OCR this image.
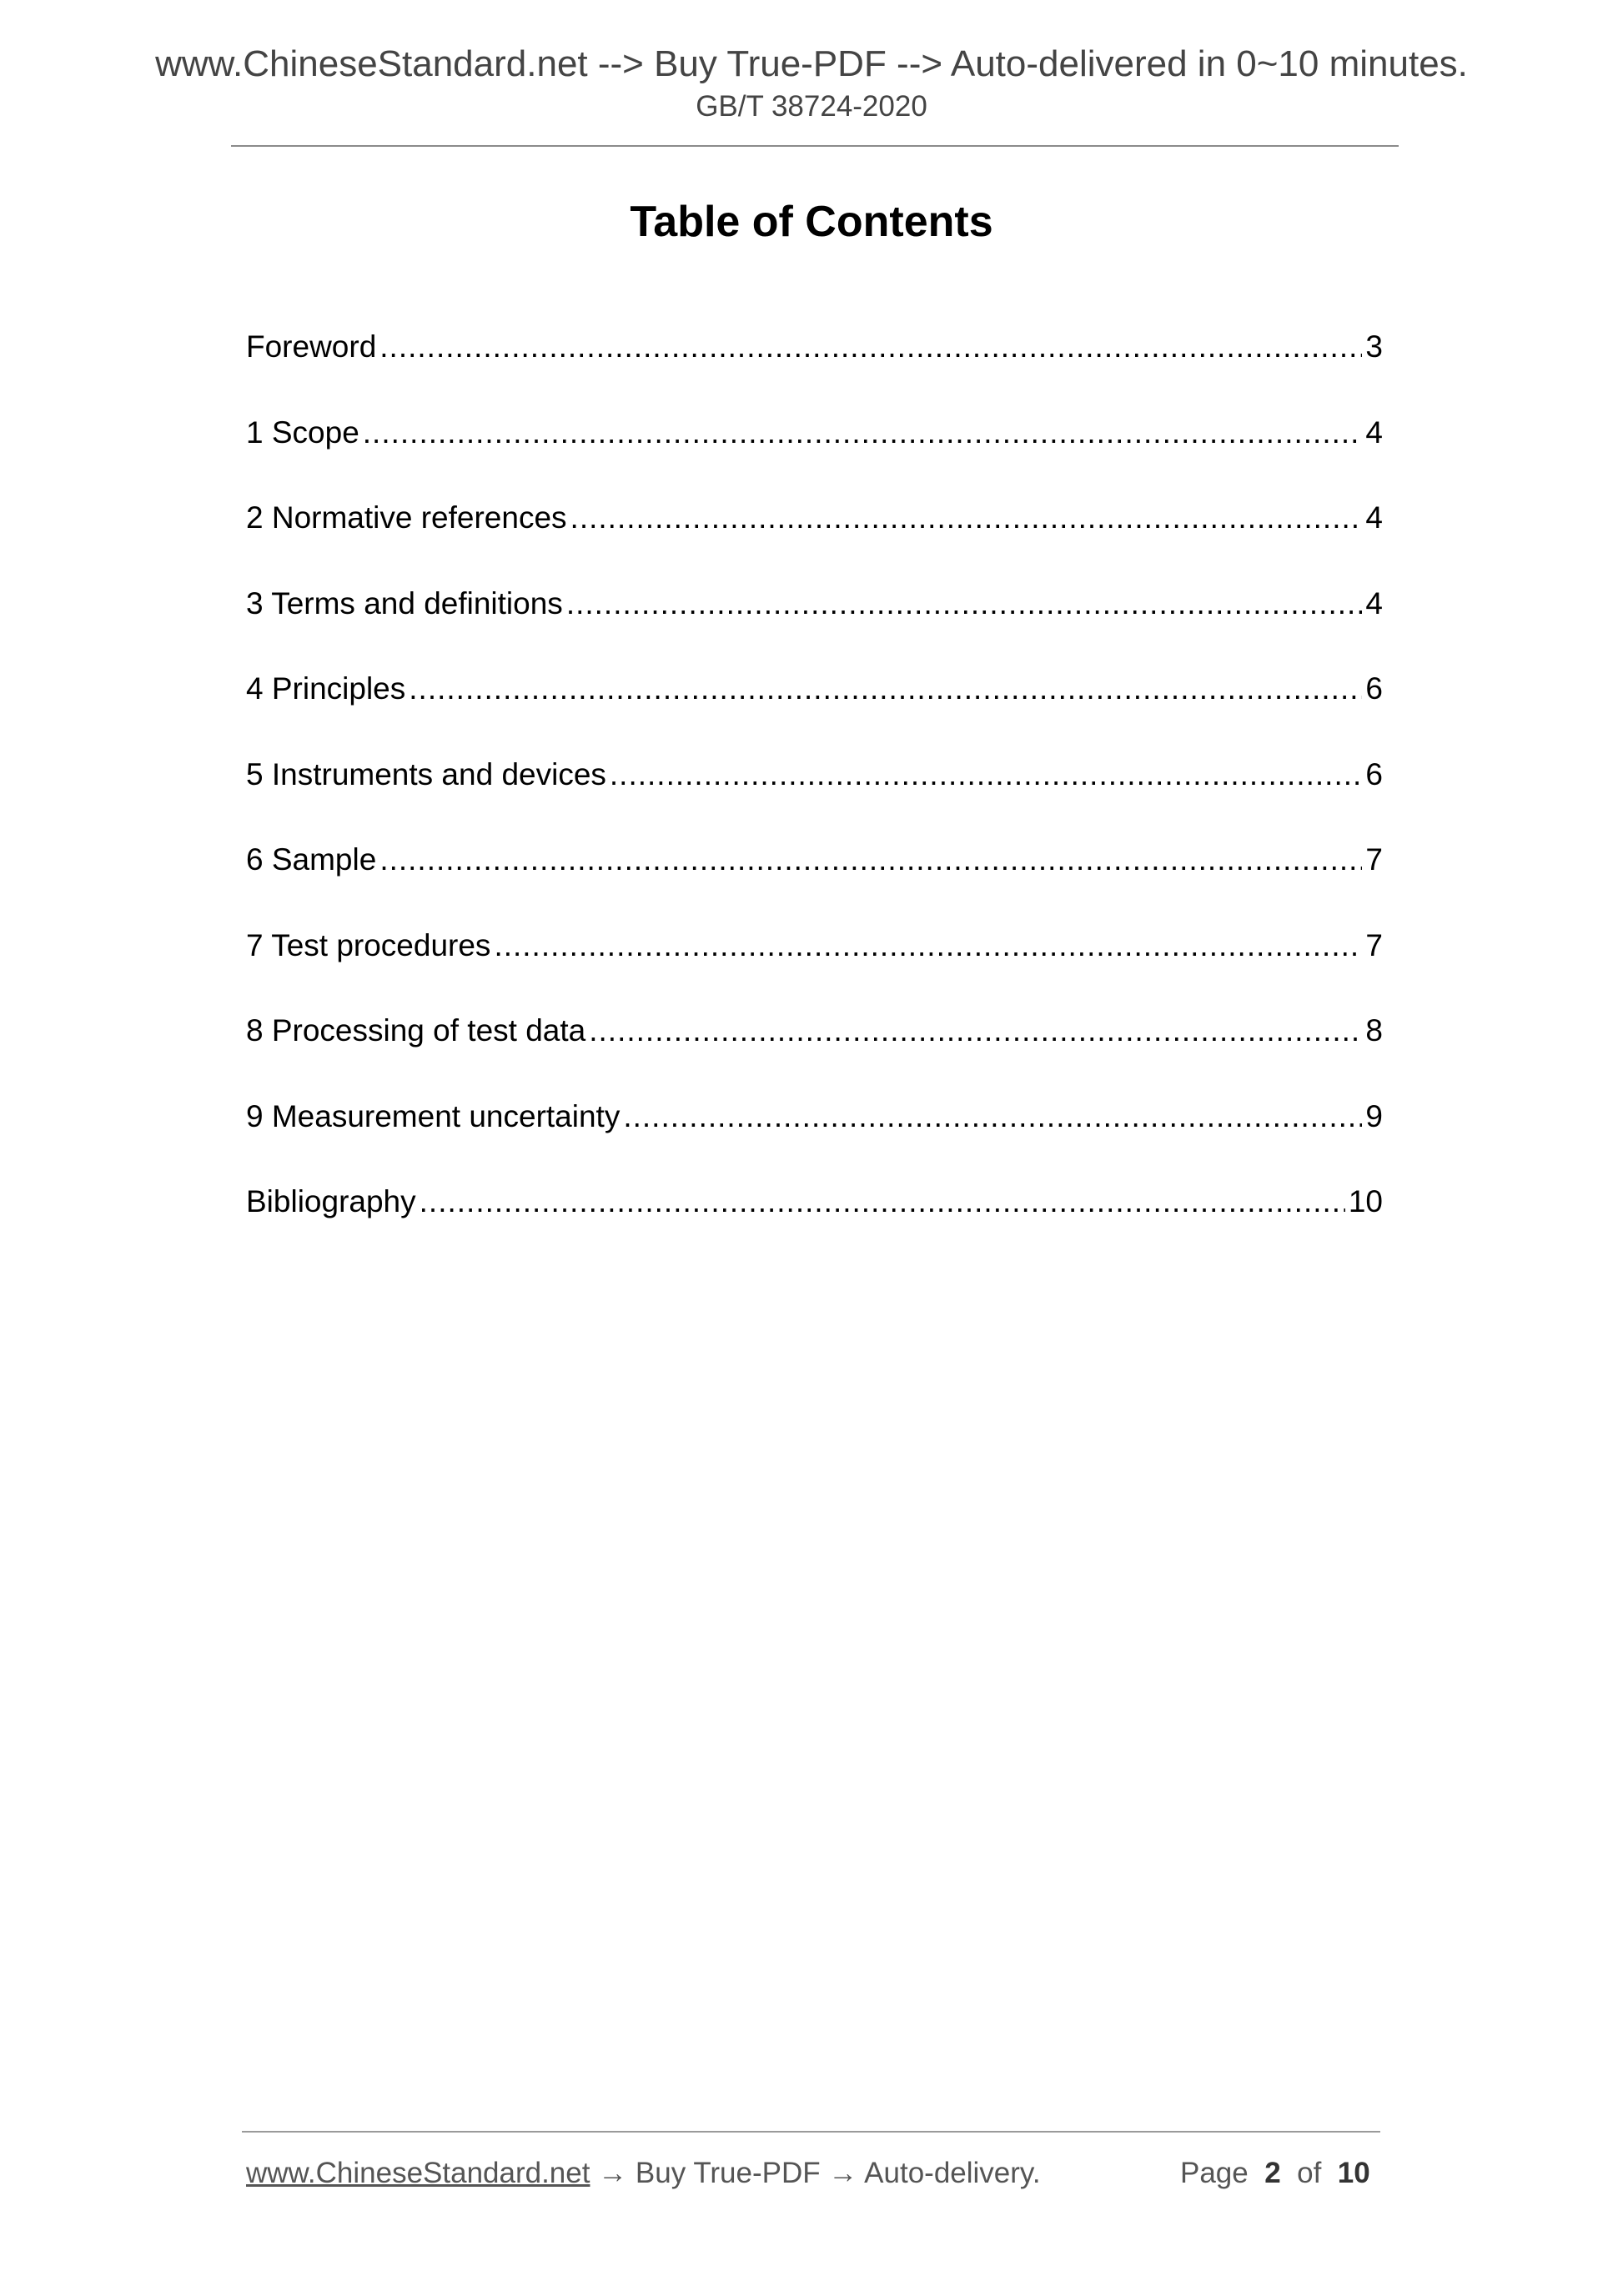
www.ChineseStandard.net --> Buy True-PDF --> Auto-delivered in 0~10 minutes.
GB/T 38724-2020
Table of Contents
Foreword .....	3
1 Scope .....	4
2 Normative references .....	4
3 Terms and definitions .....	4
4 Principles .....	6
5 Instruments and devices .....	6
6 Sample .....	7
7 Test procedures .....	7
8 Processing of test data .....	8
9 Measurement uncertainty .....	9
Bibliography .....	10
www.ChineseStandard.net → Buy True-PDF → Auto-delivery.	Page 2 of 10
